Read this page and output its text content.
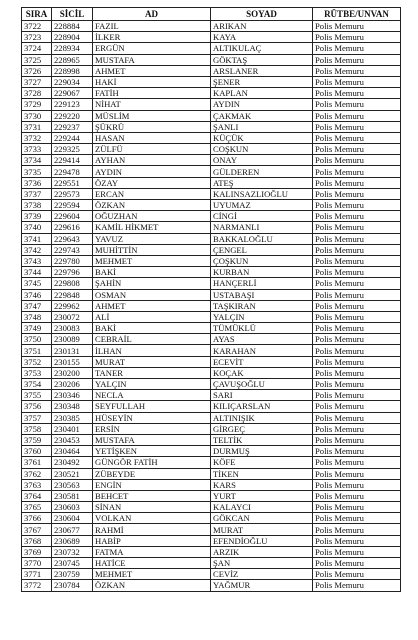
SIRA	SİCİL	AD	SOYAD	RÜTBE/UNVAN
3722	228884	FAZIL	ARIKAN	Polis Memuru
3723	228904	İLKER	KAYA	Polis Memuru
3724	228934	ERGÜN	ALTIKULAÇ	Polis Memuru
3725	228965	MUSTAFA	GÖKTAŞ	Polis Memuru
3726	228998	AHMET	ARSLANER	Polis Memuru
3727	229034	HAKİ	ŞENER	Polis Memuru
3728	229067	FATİH	KAPLAN	Polis Memuru
3729	229123	NİHAT	AYDIN	Polis Memuru
3730	229220	MÜSLİM	ÇAKMAK	Polis Memuru
3731	229237	ŞÜKRÜ	ŞANLI	Polis Memuru
3732	229244	HASAN	KÜÇÜK	Polis Memuru
3733	229325	ZÜLFÜ	COŞKUN	Polis Memuru
3734	229414	AYHAN	ONAY	Polis Memuru
3735	229478	AYDIN	GÜLDEREN	Polis Memuru
3736	229551	ÖZAY	ATEŞ	Polis Memuru
3737	229573	ERCAN	KALINSAZLIOĞLU	Polis Memuru
3738	229594	ÖZKAN	UYUMAZ	Polis Memuru
3739	229604	OĞUZHAN	CİNGİ	Polis Memuru
3740	229616	KAMİL HİKMET	NARMANLI	Polis Memuru
3741	229643	YAVUZ	BAKKALOĞLU	Polis Memuru
3742	229743	MUHİTTİN	ÇENGEL	Polis Memuru
3743	229780	MEHMET	ÇOŞKUN	Polis Memuru
3744	229796	BAKİ	KURBAN	Polis Memuru
3745	229808	ŞAHİN	HANÇERLİ	Polis Memuru
3746	229848	OSMAN	USTABAŞI	Polis Memuru
3747	229962	AHMET	TAŞKIRAN	Polis Memuru
3748	230072	ALİ	YALÇIN	Polis Memuru
3749	230083	BAKİ	TÜMÜKLÜ	Polis Memuru
3750	230089	CEBRAİL	AYAS	Polis Memuru
3751	230131	İLHAN	KARAHAN	Polis Memuru
3752	230155	MURAT	ECEVİT	Polis Memuru
3753	230200	TANER	KOÇAK	Polis Memuru
3754	230206	YALÇIN	ÇAVUŞOĞLU	Polis Memuru
3755	230346	NECLA	SARI	Polis Memuru
3756	230348	SEYFULLAH	KILIÇARSLAN	Polis Memuru
3757	230385	HÜSEYİN	ALTINIŞIK	Polis Memuru
3758	230401	ERSİN	GİRGEÇ	Polis Memuru
3759	230453	MUSTAFA	TELTİK	Polis Memuru
3760	230464	YETİŞKEN	DURMUŞ	Polis Memuru
3761	230492	GÜNGÖR FATİH	KÖFE	Polis Memuru
3762	230521	ZÜBEYDE	TİKEN	Polis Memuru
3763	230563	ENGİN	KARS	Polis Memuru
3764	230581	BEHCET	YURT	Polis Memuru
3765	230603	SİNAN	KALAYCI	Polis Memuru
3766	230604	VOLKAN	GÖKCAN	Polis Memuru
3767	230677	RAHMİ	MURAT	Polis Memuru
3768	230689	HABİP	EFENDİOĞLU	Polis Memuru
3769	230732	FATMA	ARZIK	Polis Memuru
3770	230745	HATİCE	ŞAN	Polis Memuru
3771	230759	MEHMET	CEVİZ	Polis Memuru
3772	230784	ÖZKAN	YAĞMUR	Polis Memuru
